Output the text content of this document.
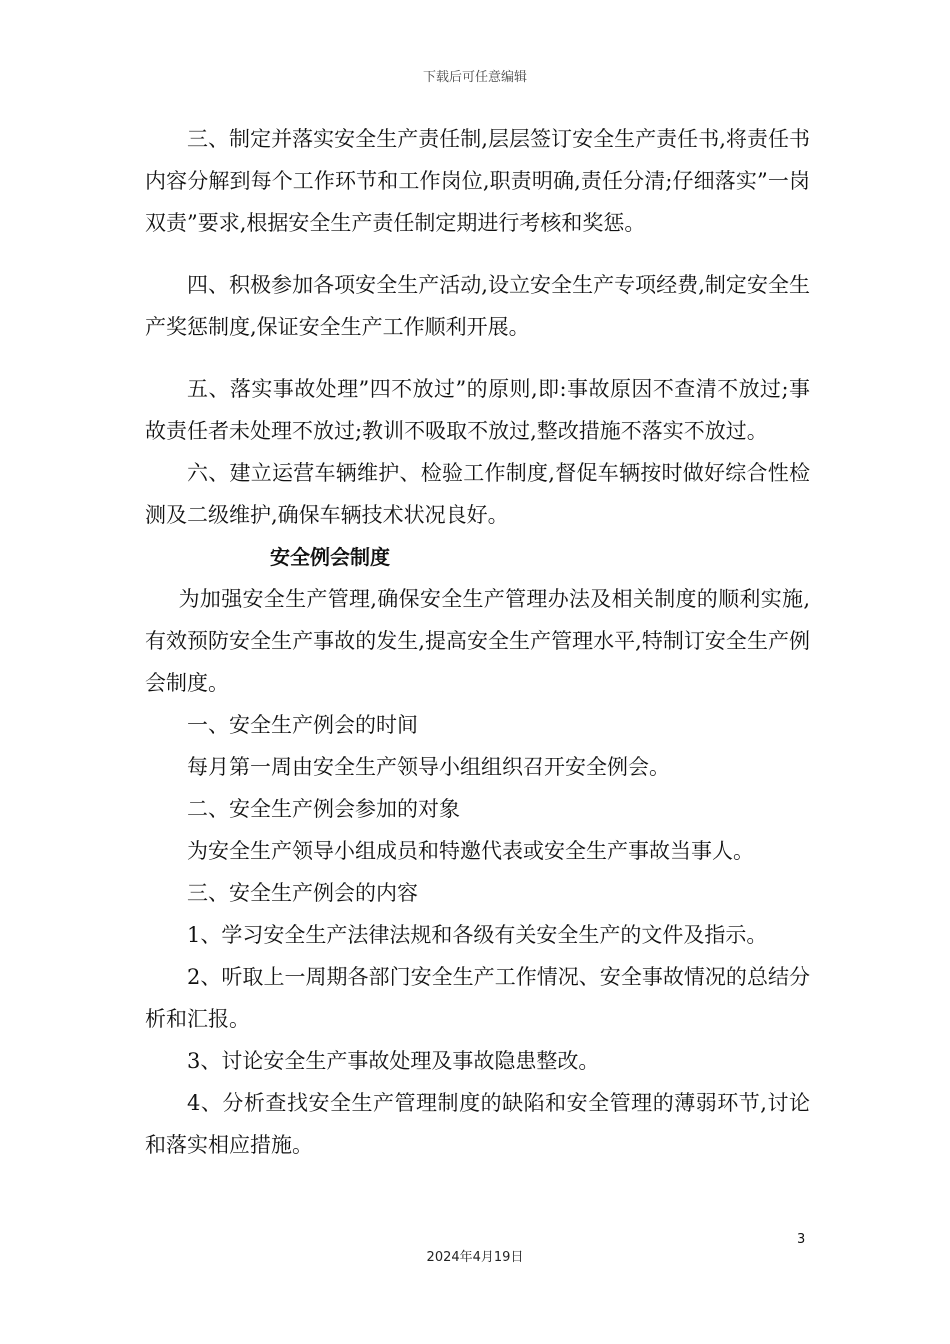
下载后可任意编辑

三、制定并落实安全生产责任制,层层签订安全生产责任书,将责任书内容分解到每个工作环节和工作岗位,职责明确,责任分清;仔细落实”一岗双责”要求,根据安全生产责任制定期进行考核和奖惩。

四、积极参加各项安全生产活动,设立安全生产专项经费,制定安全生产奖惩制度,保证安全生产工作顺利开展。

五、落实事故处理”四不放过”的原则,即:事故原因不查清不放过;事故责任者未处理不放过;教训不吸取不放过,整改措施不落实不放过。

六、建立运营车辆维护、检验工作制度,督促车辆按时做好综合性检测及二级维护,确保车辆技术状况良好。

安全例会制度

为加强安全生产管理,确保安全生产管理办法及相关制度的顺利实施,有效预防安全生产事故的发生,提高安全生产管理水平,特制订安全生产例会制度。

一、安全生产例会的时间

每月第一周由安全生产领导小组组织召开安全例会。

二、安全生产例会参加的对象

为安全生产领导小组成员和特邀代表或安全生产事故当事人。

三、安全生产例会的内容

1、学习安全生产法律法规和各级有关安全生产的文件及指示。

2、听取上一周期各部门安全生产工作情况、安全事故情况的总结分析和汇报。

3、讨论安全生产事故处理及事故隐患整改。

4、分析查找安全生产管理制度的缺陷和安全管理的薄弱环节,讨论和落实相应措施。

3
2024年4月19日
